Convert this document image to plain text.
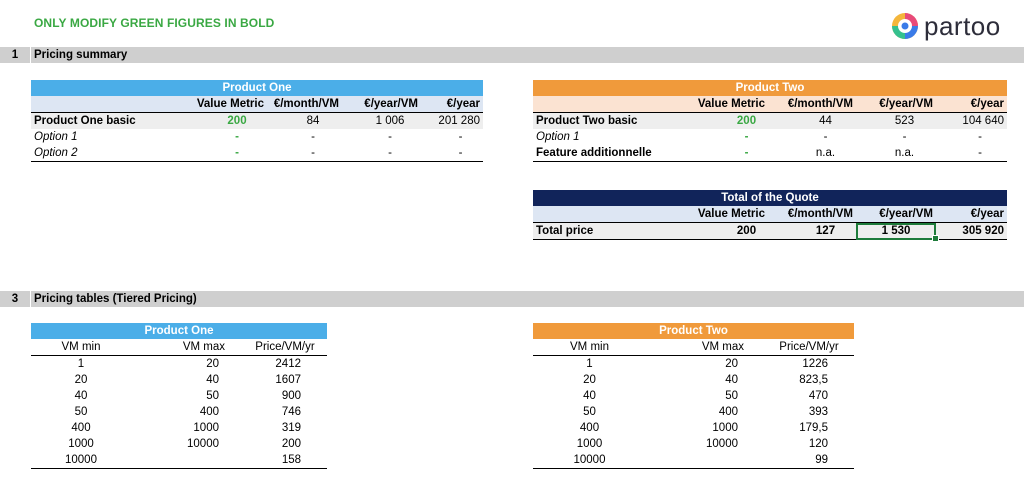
ONLY MODIFY GREEN FIGURES IN BOLD	partoo
1	Pricing summary
Product One				
	Value Metric	€/month/VM	€/year/VM	€/year
Product One basic	200	84	1 006	201 280
Option 1	-	-	-	-
Option 2	-	-	-	-
Product Two				
	Value Metric	€/month/VM	€/year/VM	€/year
Product Two basic	200	44	523	104 640
Option 1	-	-	-	-
Feature additionnelle	-	n.a.	n.a.	-
Total of the Quote				
	Value Metric	€/month/VM	€/year/VM	€/year
Total price	200	127	1 530	305 920
3	Pricing tables (Tiered Pricing)
Product One		
VM min	VM max	Price/VM/yr
1	20	2412
20	40	1607
40	50	900
50	400	746
400	1000	319
1000	10000	200
10000		158
Product Two		
VM min	VM max	Price/VM/yr
1	20	1226
20	40	823,5
40	50	470
50	400	393
400	1000	179,5
1000	10000	120
10000		99
